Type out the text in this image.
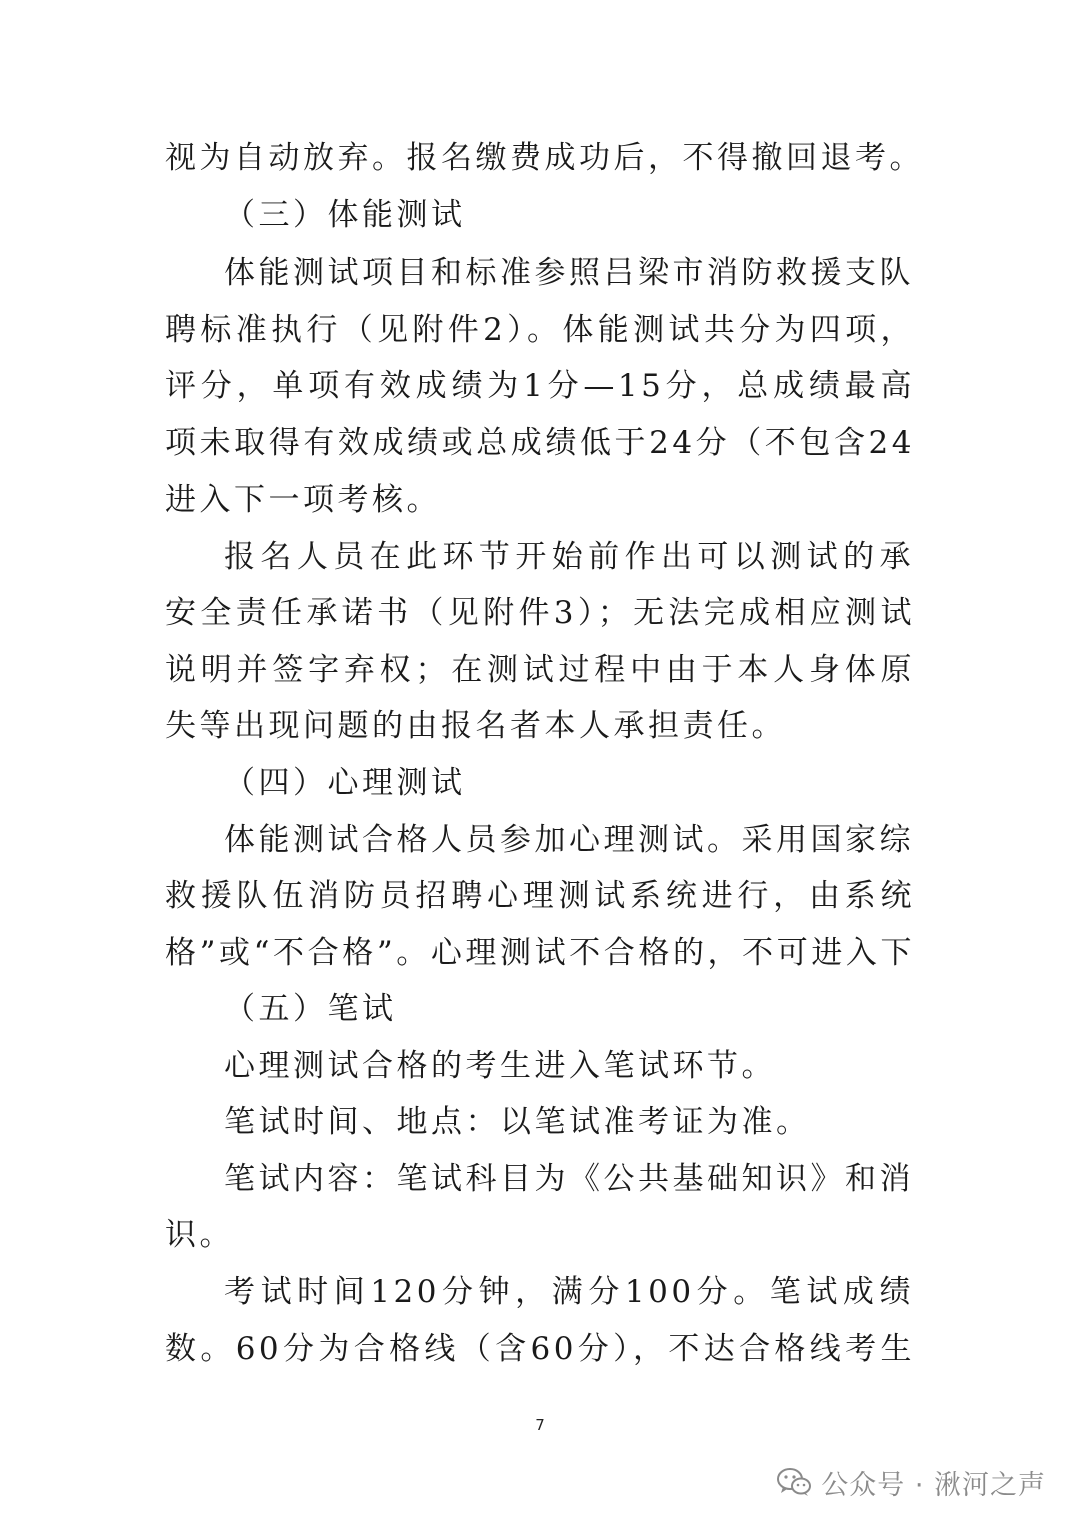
视为自动放弃。报名缴费成功后，不得撤回退考。
（三）体能测试
体能测试项目和标准参照吕梁市消防救援支队
聘标准执行（见附件2）。体能测试共分为四项，
评分，单项有效成绩为1分—15分，总成绩最高
项未取得有效成绩或总成绩低于24分（不包含24
进入下一项考核。
报名人员在此环节开始前作出可以测试的承
安全责任承诺书（见附件3）；无法完成相应测试
说明并签字弃权；在测试过程中由于本人身体原
失等出现问题的由报名者本人承担责任。
（四）心理测试
体能测试合格人员参加心理测试。采用国家综
救援队伍消防员招聘心理测试系统进行，由系统
格”或“不合格”。心理测试不合格的，不可进入下
（五）笔试
心理测试合格的考生进入笔试环节。
笔试时间、地点：以笔试准考证为准。
笔试内容：笔试科目为《公共基础知识》和消
识。
考试时间120分钟，满分100分。笔试成绩
数。60分为合格线（含60分），不达合格线考生
7
公众号 · 湫河之声
